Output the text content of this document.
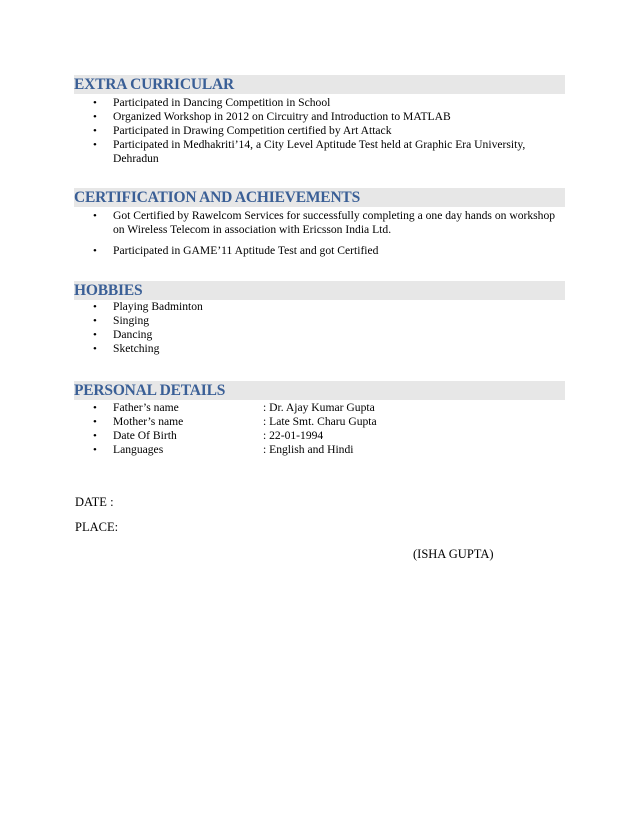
EXTRA CURRICULAR
• Participated in Dancing Competition in School
• Organized Workshop in 2012 on Circuitry and Introduction to MATLAB
• Participated in Drawing Competition certified by Art Attack
• Participated in Medhakriti’14, a City Level Aptitude Test held at Graphic Era University,
Dehradun
CERTIFICATION AND ACHIEVEMENTS
• Got Certified by Rawelcom Services for successfully completing a one day hands on workshop
on Wireless Telecom in association with Ericsson India Ltd.
• Participated in GAME’11 Aptitude Test and got Certified
HOBBIES
• Playing Badminton
• Singing
• Dancing
• Sketching
PERSONAL DETAILS
• Father’s name	: Dr. Ajay Kumar Gupta
• Mother’s name	: Late Smt. Charu Gupta
• Date Of Birth	: 22-01-1994
• Languages	: English and Hindi
DATE :
PLACE:
(ISHA GUPTA)
